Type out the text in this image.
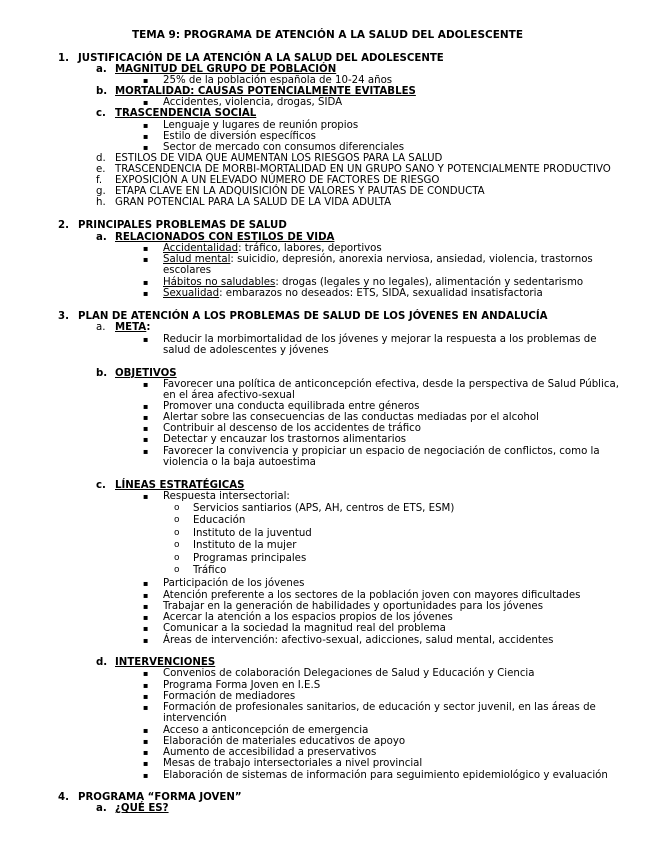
TEMA 9: PROGRAMA DE ATENCIÓN A LA SALUD DEL ADOLESCENTE
1. JUSTIFICACIÓN DE LA ATENCIÓN A LA SALUD DEL ADOLESCENTE
a. MAGNITUD DEL GRUPO DE POBLACIÓN
▪ 25% de la población española de 10-24 años
b. MORTALIDAD: CAUSAS POTENCIALMENTE EVITABLES
▪ Accidentes, violencia, drogas, SIDA
c. TRASCENDENCIA SOCIAL
▪ Lenguaje y lugares de reunión propios
▪ Estilo de diversión específicos
▪ Sector de mercado con consumos diferenciales
d. ESTILOS DE VIDA QUE AUMENTAN LOS RIESGOS PARA LA SALUD
e. TRASCENDENCIA DE MORBI-MORTALIDAD EN UN GRUPO SANO Y POTENCIALMENTE PRODUCTIVO
f. EXPOSICIÓN A UN ELEVADO NÚMERO DE FACTORES DE RIESGO
g. ETAPA CLAVE EN LA ADQUISICIÓN DE VALORES Y PAUTAS DE CONDUCTA
h. GRAN POTENCIAL PARA LA SALUD DE LA VIDA ADULTA
2. PRINCIPALES PROBLEMAS DE SALUD
a. RELACIONADOS CON ESTILOS DE VIDA
▪ Accidentalidad: tráfico, labores, deportivos
▪ Salud mental: suicidio, depresión, anorexia nerviosa, ansiedad, violencia, trastornos
escolares
▪ Hábitos no saludables: drogas (legales y no legales), alimentación y sedentarismo
▪ Sexualidad: embarazos no deseados: ETS, SIDA, sexualidad insatisfactoria
3. PLAN DE ATENCIÓN A LOS PROBLEMAS DE SALUD DE LOS JÓVENES EN ANDALUCÍA
a. META:
▪ Reducir la morbimortalidad de los jóvenes y mejorar la respuesta a los problemas de
salud de adolescentes y jóvenes
b. OBJETIVOS
▪ Favorecer una política de anticoncepción efectiva, desde la perspectiva de Salud Pública,
en el área afectivo-sexual
▪ Promover una conducta equilibrada entre géneros
▪ Alertar sobre las consecuencias de las conductas mediadas por el alcohol
▪ Contribuir al descenso de los accidentes de tráfico
▪ Detectar y encauzar los trastornos alimentarios
▪ Favorecer la convivencia y propiciar un espacio de negociación de conflictos, como la
violencia o la baja autoestima
c. LÍNEAS ESTRATÉGICAS
▪ Respuesta intersectorial:
o Servicios santiarios (APS, AH, centros de ETS, ESM)
o Educación
o Instituto de la juventud
o Instituto de la mujer
o Programas principales
o Tráfico
▪ Participación de los jóvenes
▪ Atención preferente a los sectores de la población joven con mayores dificultades
▪ Trabajar en la generación de habilidades y oportunidades para los jóvenes
▪ Acercar la atención a los espacios propios de los jóvenes
▪ Comunicar a la sociedad la magnitud real del problema
▪ Áreas de intervención: afectivo-sexual, adicciones, salud mental, accidentes
d. INTERVENCIONES
▪ Convenios de colaboración Delegaciones de Salud y Educación y Ciencia
▪ Programa Forma Joven en I.E.S
▪ Formación de mediadores
▪ Formación de profesionales sanitarios, de educación y sector juvenil, en las áreas de
intervención
▪ Acceso a anticoncepción de emergencia
▪ Elaboración de materiales educativos de apoyo
▪ Aumento de accesibilidad a preservativos
▪ Mesas de trabajo intersectoriales a nivel provincial
▪ Elaboración de sistemas de información para seguimiento epidemiológico y evaluación
4. PROGRAMA “FORMA JOVEN”
a. ¿QUÉ ES?
